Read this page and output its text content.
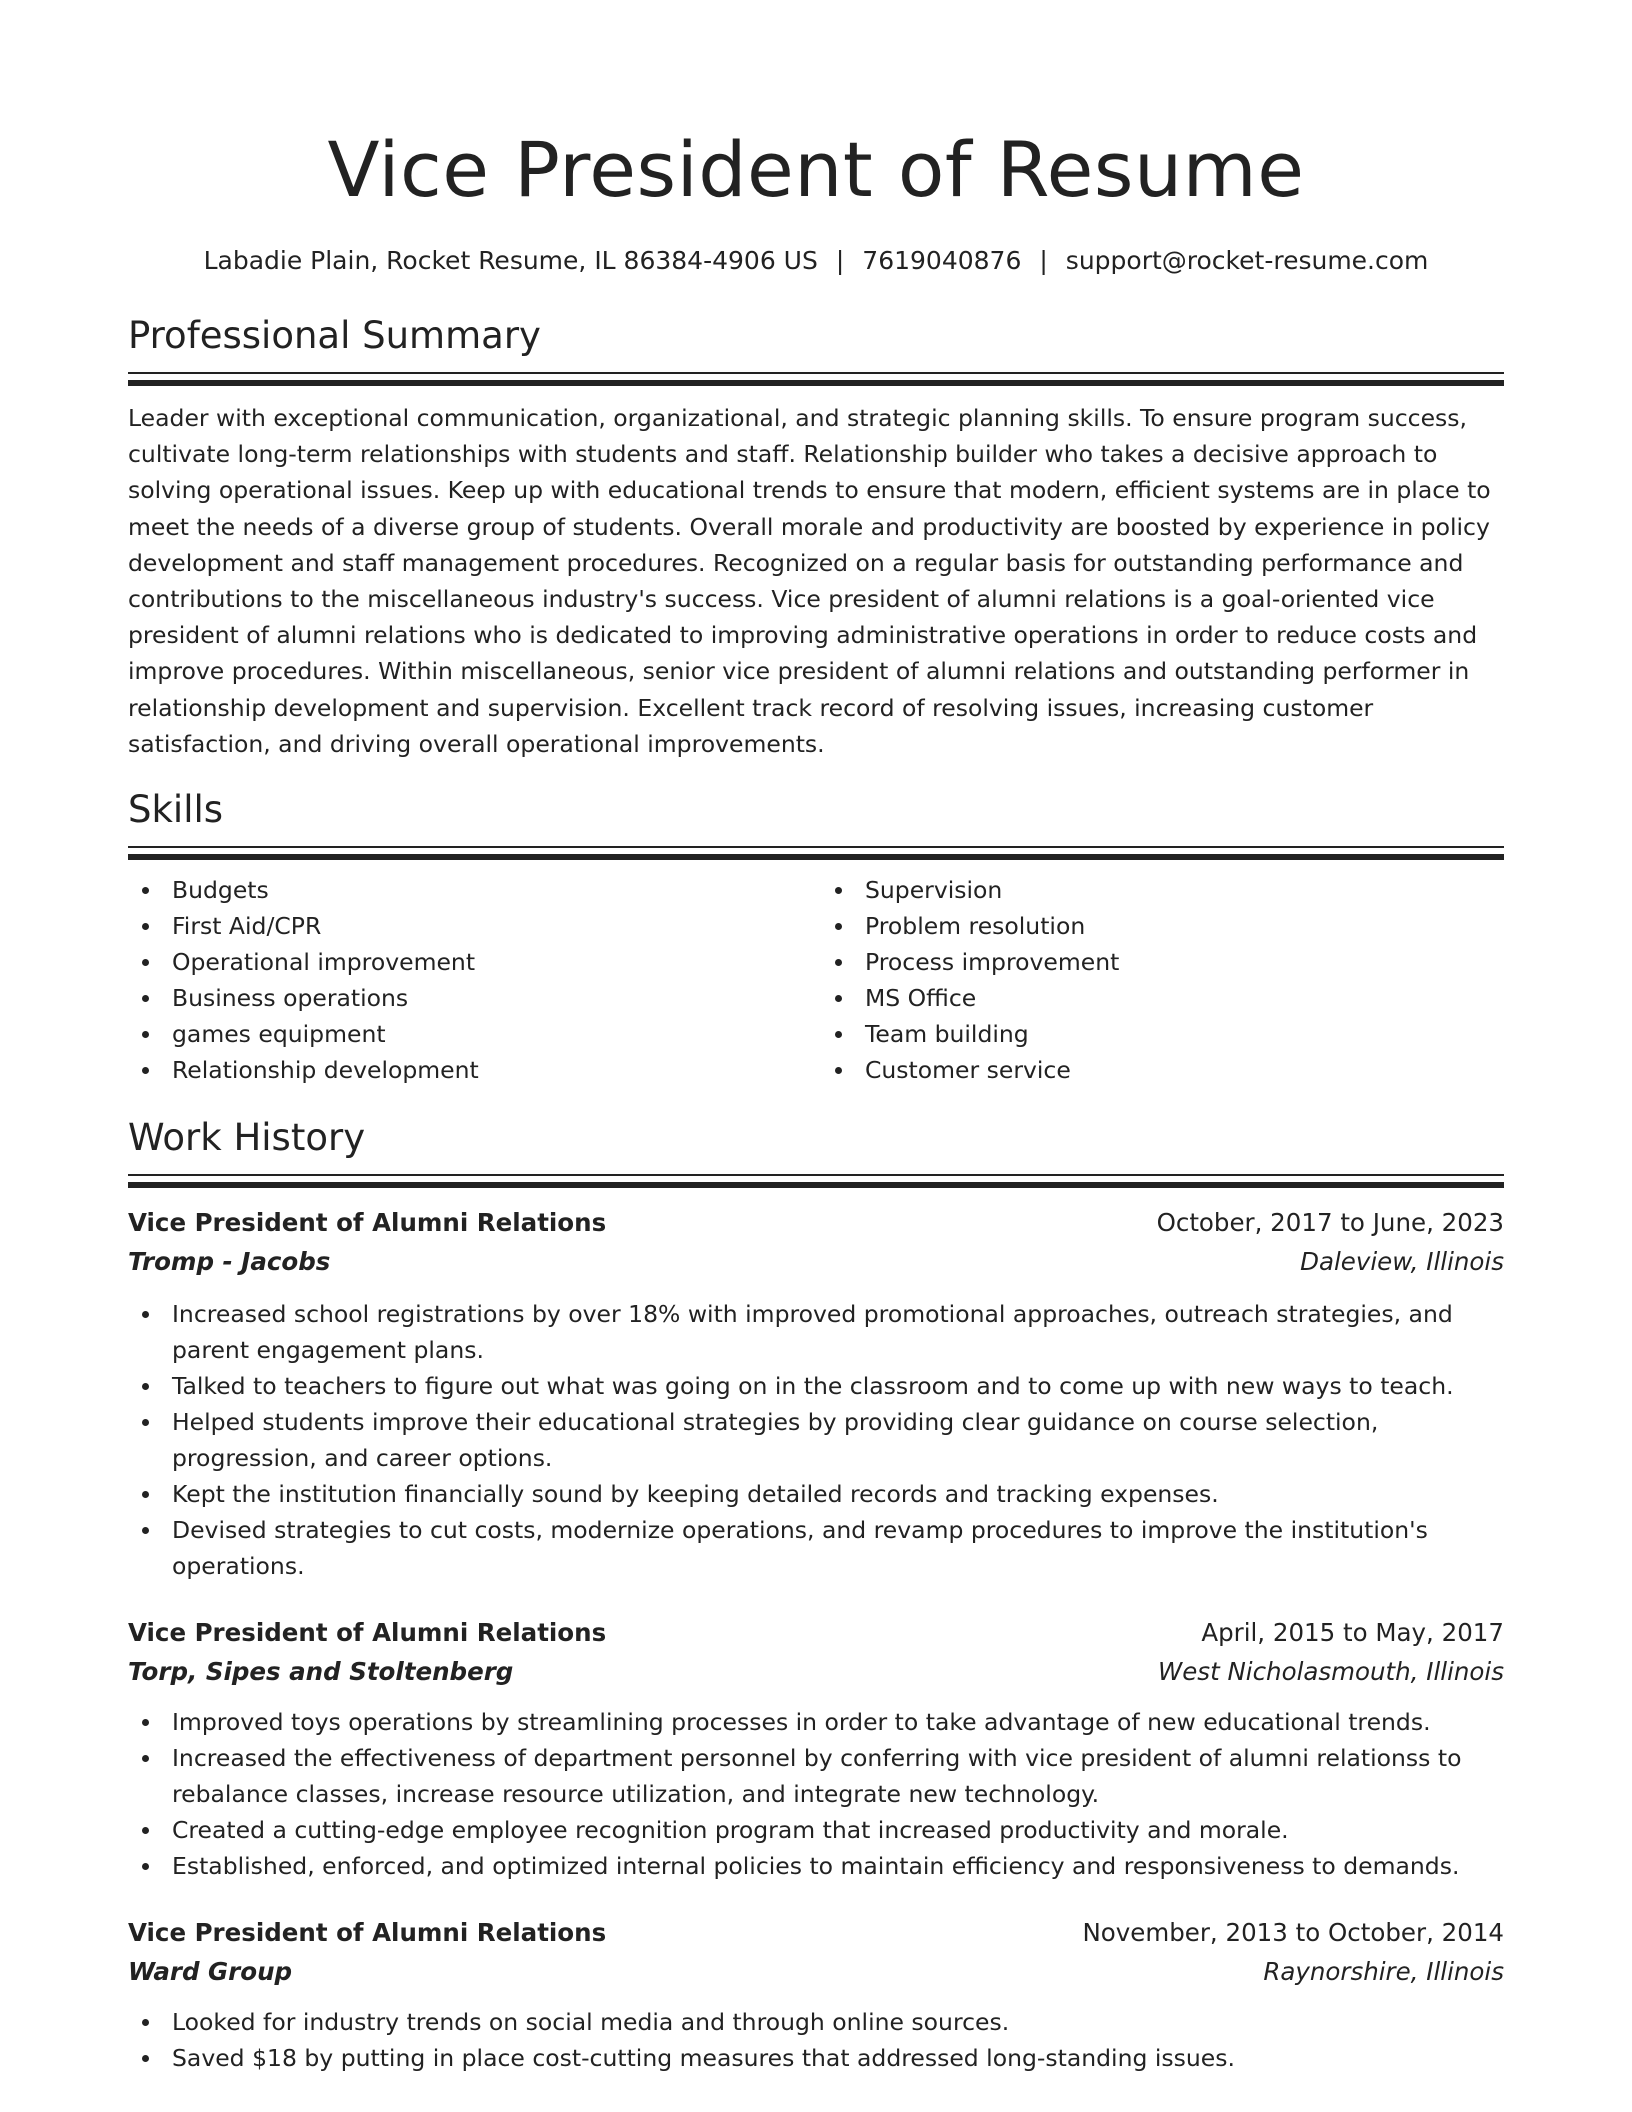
Vice President of Resume
Labadie Plain, Rocket Resume, IL 86384-4906 US | 7619040876 | support@rocket-resume.com
Professional Summary

Leader with exceptional communication, organizational, and strategic planning skills. To ensure program success, cultivate long-term relationships with students and staff. Relationship builder who takes a decisive approach to solving operational issues. Keep up with educational trends to ensure that modern, efficient systems are in place to meet the needs of a diverse group of students. Overall morale and productivity are boosted by experience in policy development and staff management procedures. Recognized on a regular basis for outstanding performance and contributions to the miscellaneous industry's success. Vice president of alumni relations is a goal-oriented vice president of alumni relations who is dedicated to improving administrative operations in order to reduce costs and improve procedures. Within miscellaneous, senior vice president of alumni relations and outstanding performer in relationship development and supervision. Excellent track record of resolving issues, increasing customer satisfaction, and driving overall operational improvements.

Skills
Budgets
First Aid/CPR
Operational improvement
Business operations
games equipment
Relationship development
Supervision
Problem resolution
Process improvement
MS Office
Team building
Customer service
Work History
Vice President of Alumni Relations	October, 2017 to June, 2023
Tromp - Jacobs	Daleview, Illinois
Increased school registrations by over 18% with improved promotional approaches, outreach strategies, and parent engagement plans.
Talked to teachers to figure out what was going on in the classroom and to come up with new ways to teach.
Helped students improve their educational strategies by providing clear guidance on course selection, progression, and career options.
Kept the institution financially sound by keeping detailed records and tracking expenses.
Devised strategies to cut costs, modernize operations, and revamp procedures to improve the institution's operations.
Vice President of Alumni Relations	April, 2015 to May, 2017
Torp, Sipes and Stoltenberg	West Nicholasmouth, Illinois
Improved toys operations by streamlining processes in order to take advantage of new educational trends.
Increased the effectiveness of department personnel by conferring with vice president of alumni relationss to rebalance classes, increase resource utilization, and integrate new technology.
Created a cutting-edge employee recognition program that increased productivity and morale.
Established, enforced, and optimized internal policies to maintain efficiency and responsiveness to demands.
Vice President of Alumni Relations	November, 2013 to October, 2014
Ward Group	Raynorshire, Illinois
Looked for industry trends on social media and through online sources.
Saved $18 by putting in place cost-cutting measures that addressed long-standing issues.
